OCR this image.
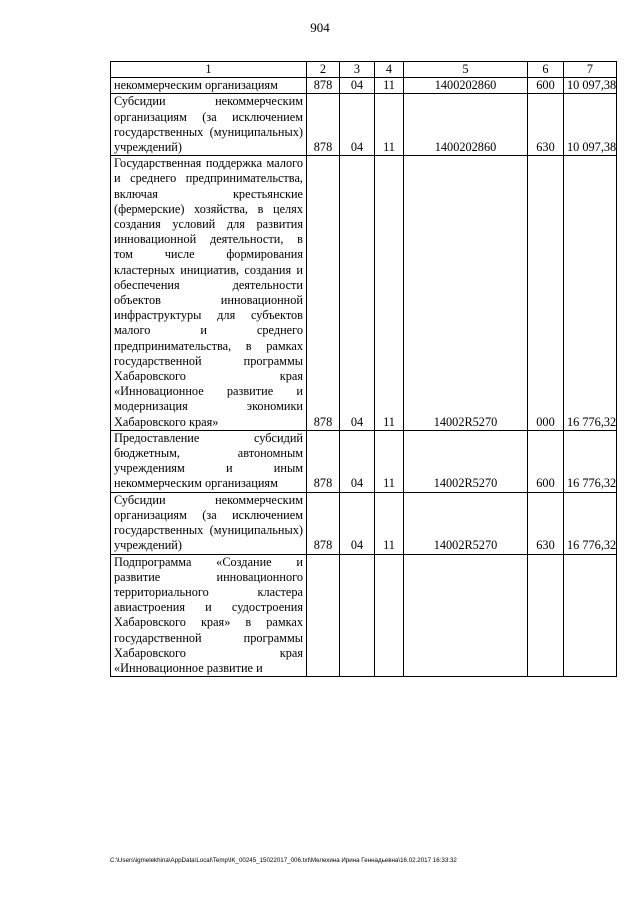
904
1	2	3	4	5	6	7
некоммерческим организациям	878	04	11	1400202860	600	10 097,38
Субсидии некоммерческим организациям (за исключением государственных (муниципальных) учреждений)	878	04	11	1400202860	630	10 097,38
Государственная поддержка малого и среднего предпринимательства, включая крестьянские (фермерские) хозяйства, в целях создания условий для развития инновационной деятельности, в том числе формирования кластерных инициатив, создания и обеспечения деятельности объектов инновационной инфраструктуры для субъектов малого и среднего предпринимательства, в рамках государственной программы Хабаровского края «Инновационное развитие и модернизация экономики Хабаровского края»	878	04	11	14002R5270	000	16 776,32
Предоставление субсидий бюджетным, автономным учреждениям и иным некоммерческим организациям	878	04	11	14002R5270	600	16 776,32
Субсидии некоммерческим организациям (за исключением государственных (муниципальных) учреждений)	878	04	11	14002R5270	630	16 776,32
Подпрограмма «Создание и развитие инновационного территориального кластера авиастроения и судостроения Хабаровского края» в рамках государственной программы Хабаровского края «Инновационное развитие и						
C:\Users\igmelekhina\AppData\Local\Temp\IK_00245_15022017_006.txt\Мелехина Ирина Геннадьевна\16.02.2017 16:33:32
